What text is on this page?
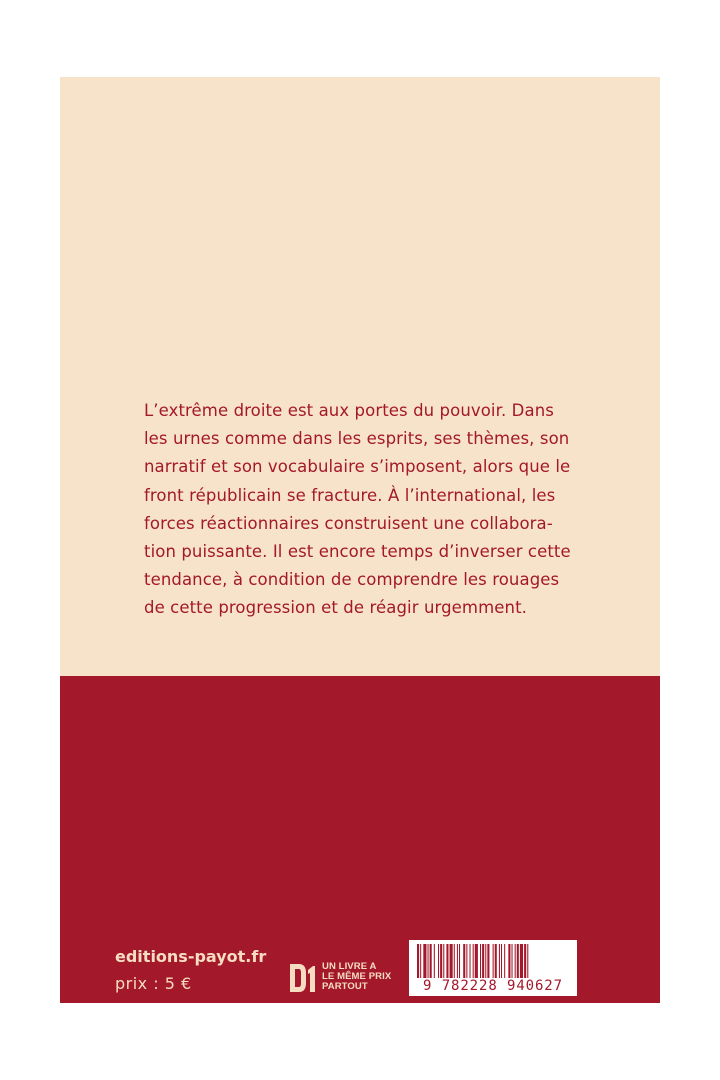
L’extrême droite est aux portes du pouvoir. Dans
les urnes comme dans les esprits, ses thèmes, son
narratif et son vocabulaire s’imposent, alors que le
front républicain se fracture. À l’international, les
forces réactionnaires construisent une collabora-
tion puissante. Il est encore temps d’inverser cette
tendance, à condition de comprendre les rouages
de cette progression et de réagir urgemment.

editions-payot.fr
prix : 5 €
UN LIVRE A
LE MÊME PRIX
PARTOUT	9 782228 940627
